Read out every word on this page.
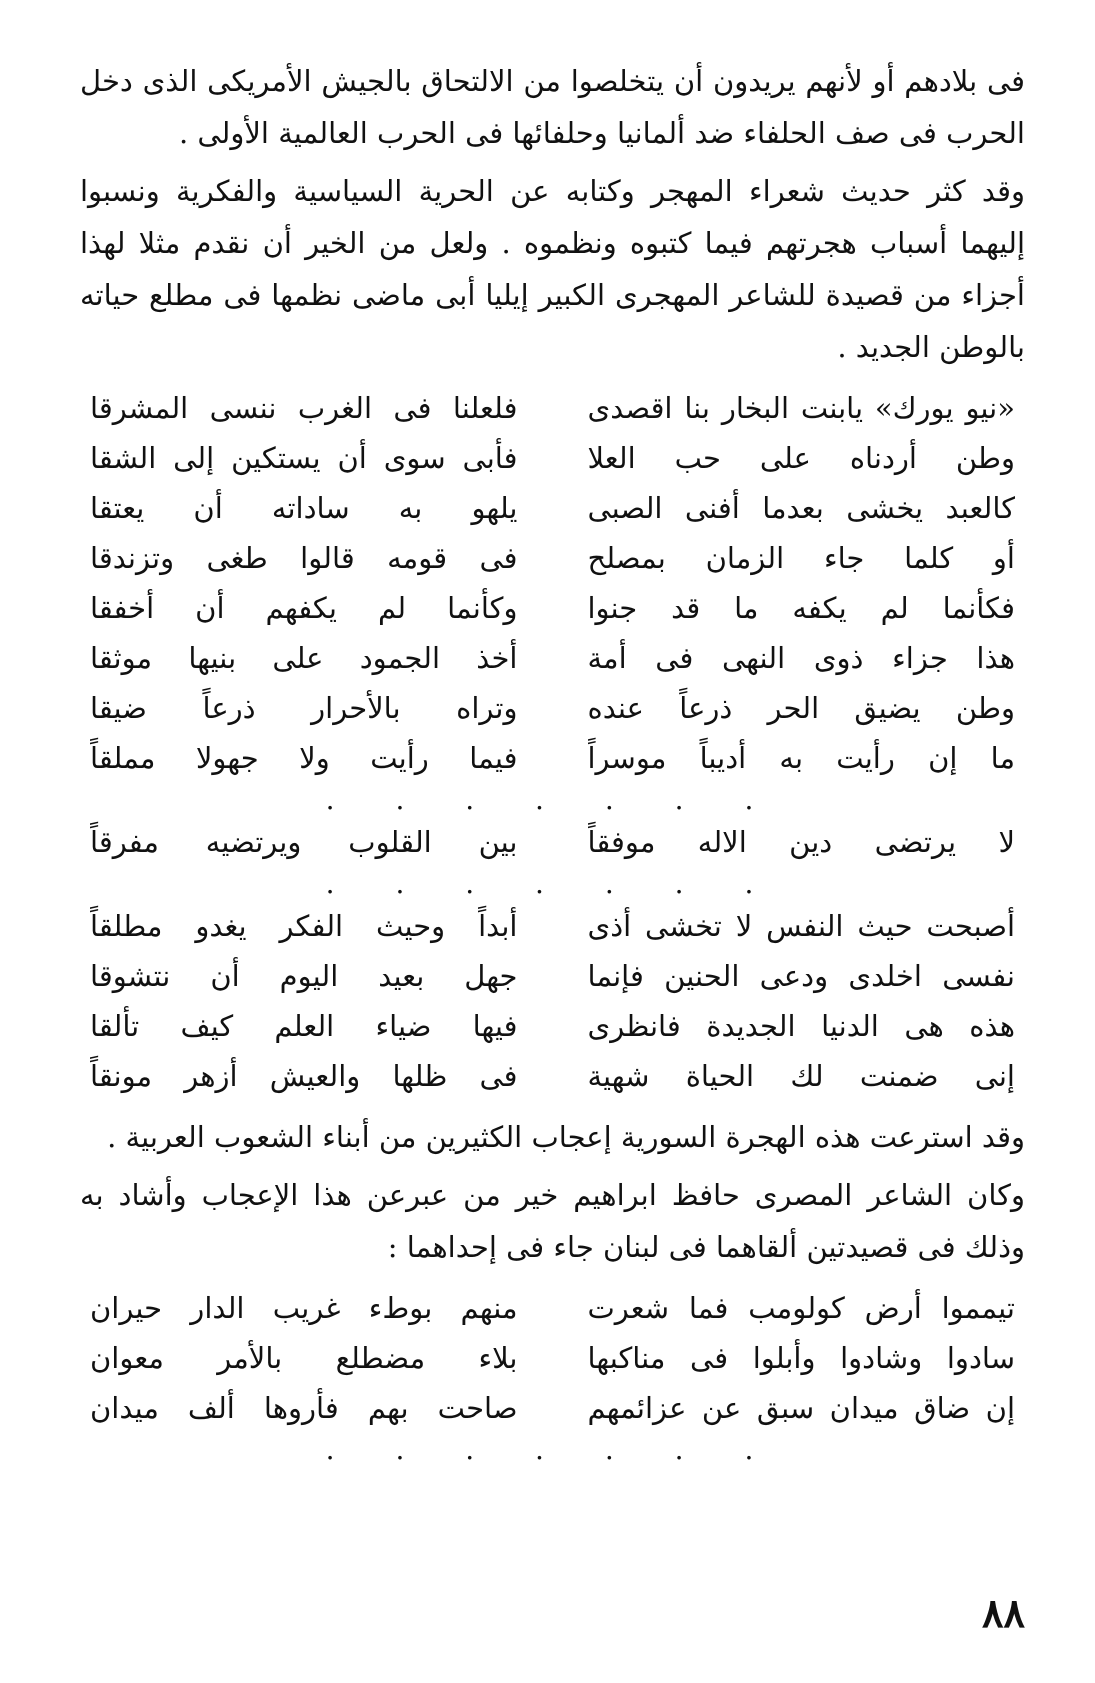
فى بلادهم أو لأنهم يريدون أن يتخلصوا من الالتحاق بالجيش الأمريكى الذى دخل الحرب فى صف الحلفاء ضد ألمانيا وحلفائها فى الحرب العالمية الأولى .

وقد كثر حديث شعراء المهجر وكتابه عن الحرية السياسية والفكرية ونسبوا إليهما أسباب هجرتهم فيما كتبوه ونظموه . ولعل من الخير أن نقدم مثلا لهذا أجزاء من قصيدة للشاعر المهجرى الكبير إيليا أبى ماضى نظمها فى مطلع حياته بالوطن الجديد .

«نيو يورك» يابنت البخار بنا اقصدى
فلعلنا فى الغرب ننسى المشرقا
وطن أردناه على حب العلا
فأبى سوى أن يستكين إلى الشقا
كالعبد يخشى بعدما أفنى الصبى
يلهو به ساداته أن يعتقا
أو كلما جاء الزمان بمصلح
فى قومه قالوا طغى وتزندقا
فكأنما لم يكفه ما قد جنوا
وكأنما لم يكفهم أن أخفقا
هذا جزاء ذوى النهى فى أمة
أخذ الجمود على بنيها موثقا
وطن يضيق الحر ذرعاً عنده
وتراه بالأحرار ذرعاً ضيقا
ما إن رأيت به أديباً موسراً
فيما رأيت ولا جهولا مملقاً
. . . . . . .
لا يرتضى دين الاله موفقاً
بين القلوب ويرتضيه مفرقاً
. . . . . . .
أصبحت حيث النفس لا تخشى أذى
أبداً وحيث الفكر يغدو مطلقاً
نفسى اخلدى ودعى الحنين فإنما
جهل بعيد اليوم أن نتشوقا
هذه هى الدنيا الجديدة فانظرى
فيها ضياء العلم كيف تألقا
إنى ضمنت لك الحياة شهية
فى ظلها والعيش أزهر مونقاً

وقد استرعت هذه الهجرة السورية إعجاب الكثيرين من أبناء الشعوب العربية .

وكان الشاعر المصرى حافظ ابراهيم خير من عبرعن هذا الإعجاب وأشاد به وذلك فى قصيدتين ألقاهما فى لبنان جاء فى إحداهما :

تيمموا أرض كولومب فما شعرت
منهم بوطء غريب الدار حيران
سادوا وشادوا وأبلوا فى مناكبها
بلاء مضطلع بالأمر معوان
إن ضاق ميدان سبق عن عزائمهم
صاحت بهم فأروها ألف ميدان
. . . . . . .
٨٨
